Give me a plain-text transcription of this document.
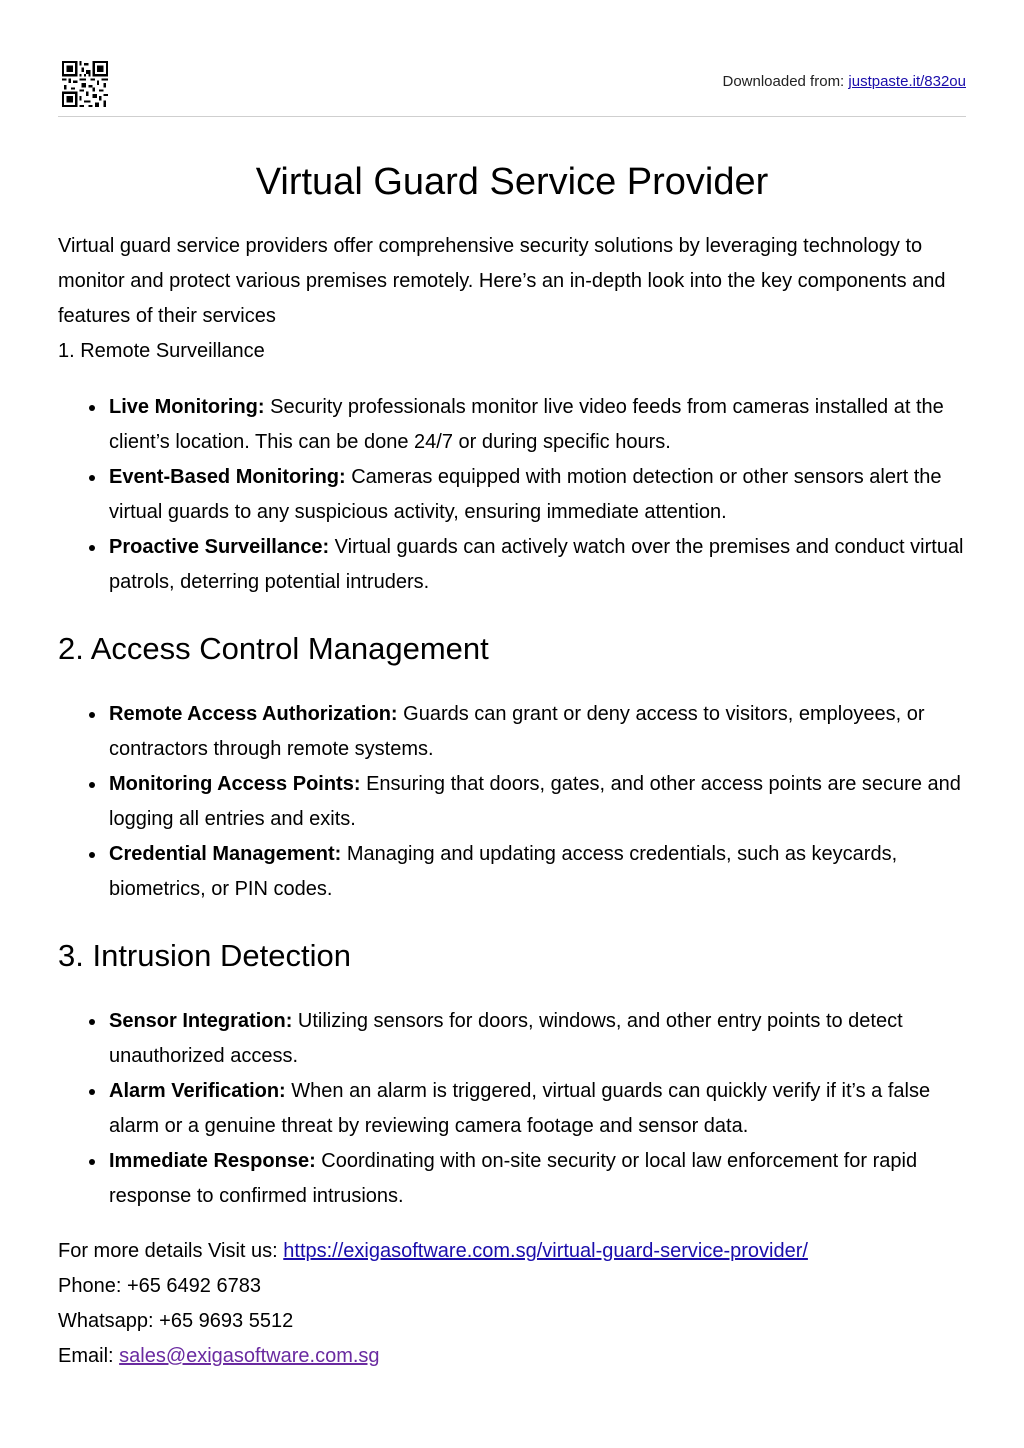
Downloaded from: justpaste.it/832ou
Virtual Guard Service Provider

Virtual guard service providers offer comprehensive security solutions by leveraging technology to monitor and protect various premises remotely. Here’s an in-depth look into the key components and features of their services

1. Remote Surveillance

Live Monitoring: Security professionals monitor live video feeds from cameras installed at the client’s location. This can be done 24/7 or during specific hours.
Event-Based Monitoring: Cameras equipped with motion detection or other sensors alert the virtual guards to any suspicious activity, ensuring immediate attention.
Proactive Surveillance: Virtual guards can actively watch over the premises and conduct virtual patrols, deterring potential intruders.
2. Access Control Management
Remote Access Authorization: Guards can grant or deny access to visitors, employees, or contractors through remote systems.
Monitoring Access Points: Ensuring that doors, gates, and other access points are secure and logging all entries and exits.
Credential Management: Managing and updating access credentials, such as keycards, biometrics, or PIN codes.
3. Intrusion Detection
Sensor Integration: Utilizing sensors for doors, windows, and other entry points to detect unauthorized access.
Alarm Verification: When an alarm is triggered, virtual guards can quickly verify if it’s a false alarm or a genuine threat by reviewing camera footage and sensor data.
Immediate Response: Coordinating with on-site security or local law enforcement for rapid response to confirmed intrusions.

For more details Visit us: https://exigasoftware.com.sg/virtual-guard-service-provider/

Phone: +65 6492 6783

Whatsapp: +65 9693 5512

Email: sales@exigasoftware.com.sg
